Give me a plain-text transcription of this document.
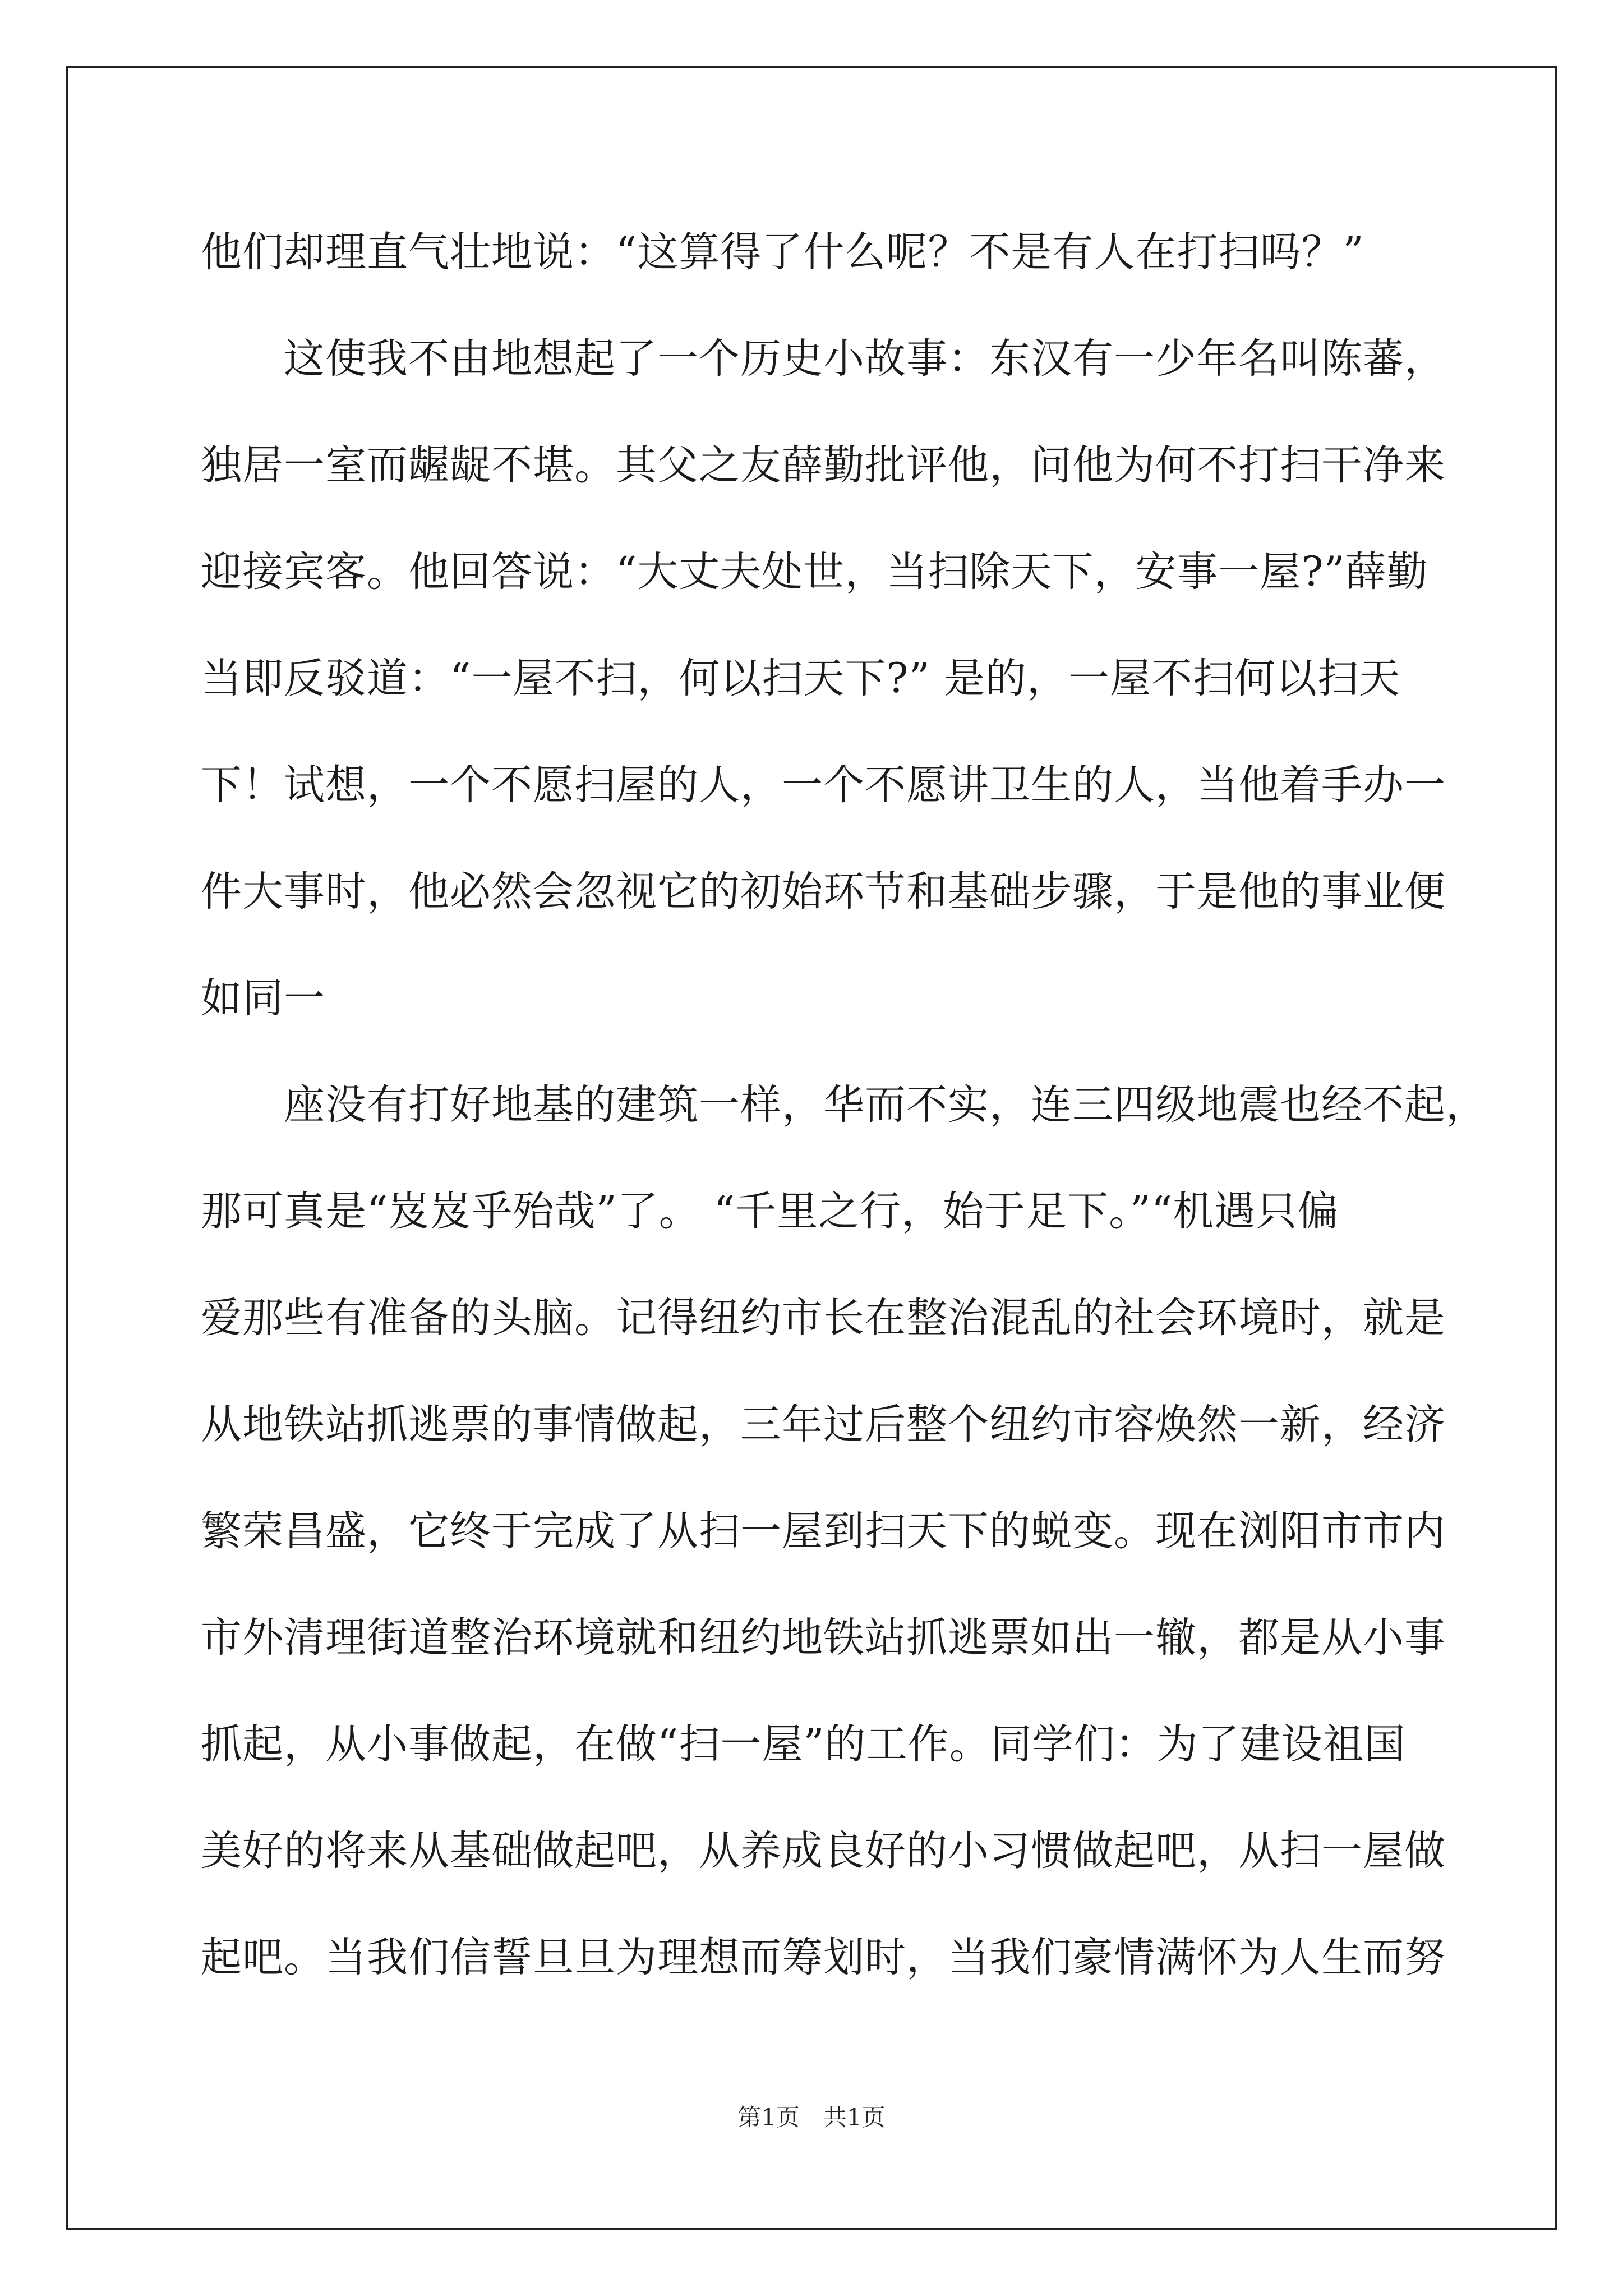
他们却理直气壮地说：“这算得了什么呢？不是有人在打扫吗？”
　　这使我不由地想起了一个历史小故事：东汉有一少年名叫陈蕃，
独居一室而龌龊不堪。其父之友薛勤批评他，问他为何不打扫干净来
迎接宾客。他回答说：“大丈夫处世，当扫除天下，安事一屋?”薛勤
当即反驳道：“一屋不扫，何以扫天下?” 是的，一屋不扫何以扫天
下！试想，一个不愿扫屋的人，一个不愿讲卫生的人，当他着手办一
件大事时，他必然会忽视它的初始环节和基础步骤，于是他的事业便
如同一
　　座没有打好地基的建筑一样，华而不实，连三四级地震也经不起，
那可真是“岌岌乎殆哉”了。 “千里之行，始于足下。”“机遇只偏
爱那些有准备的头脑。记得纽约市长在整治混乱的社会环境时，就是
从地铁站抓逃票的事情做起，三年过后整个纽约市容焕然一新，经济
繁荣昌盛，它终于完成了从扫一屋到扫天下的蜕变。现在浏阳市市内
市外清理街道整治环境就和纽约地铁站抓逃票如出一辙，都是从小事
抓起，从小事做起，在做“扫一屋”的工作。同学们：为了建设祖国
美好的将来从基础做起吧，从养成良好的小习惯做起吧，从扫一屋做
起吧。当我们信誓旦旦为理想而筹划时，当我们豪情满怀为人生而努
第1页　共1页
